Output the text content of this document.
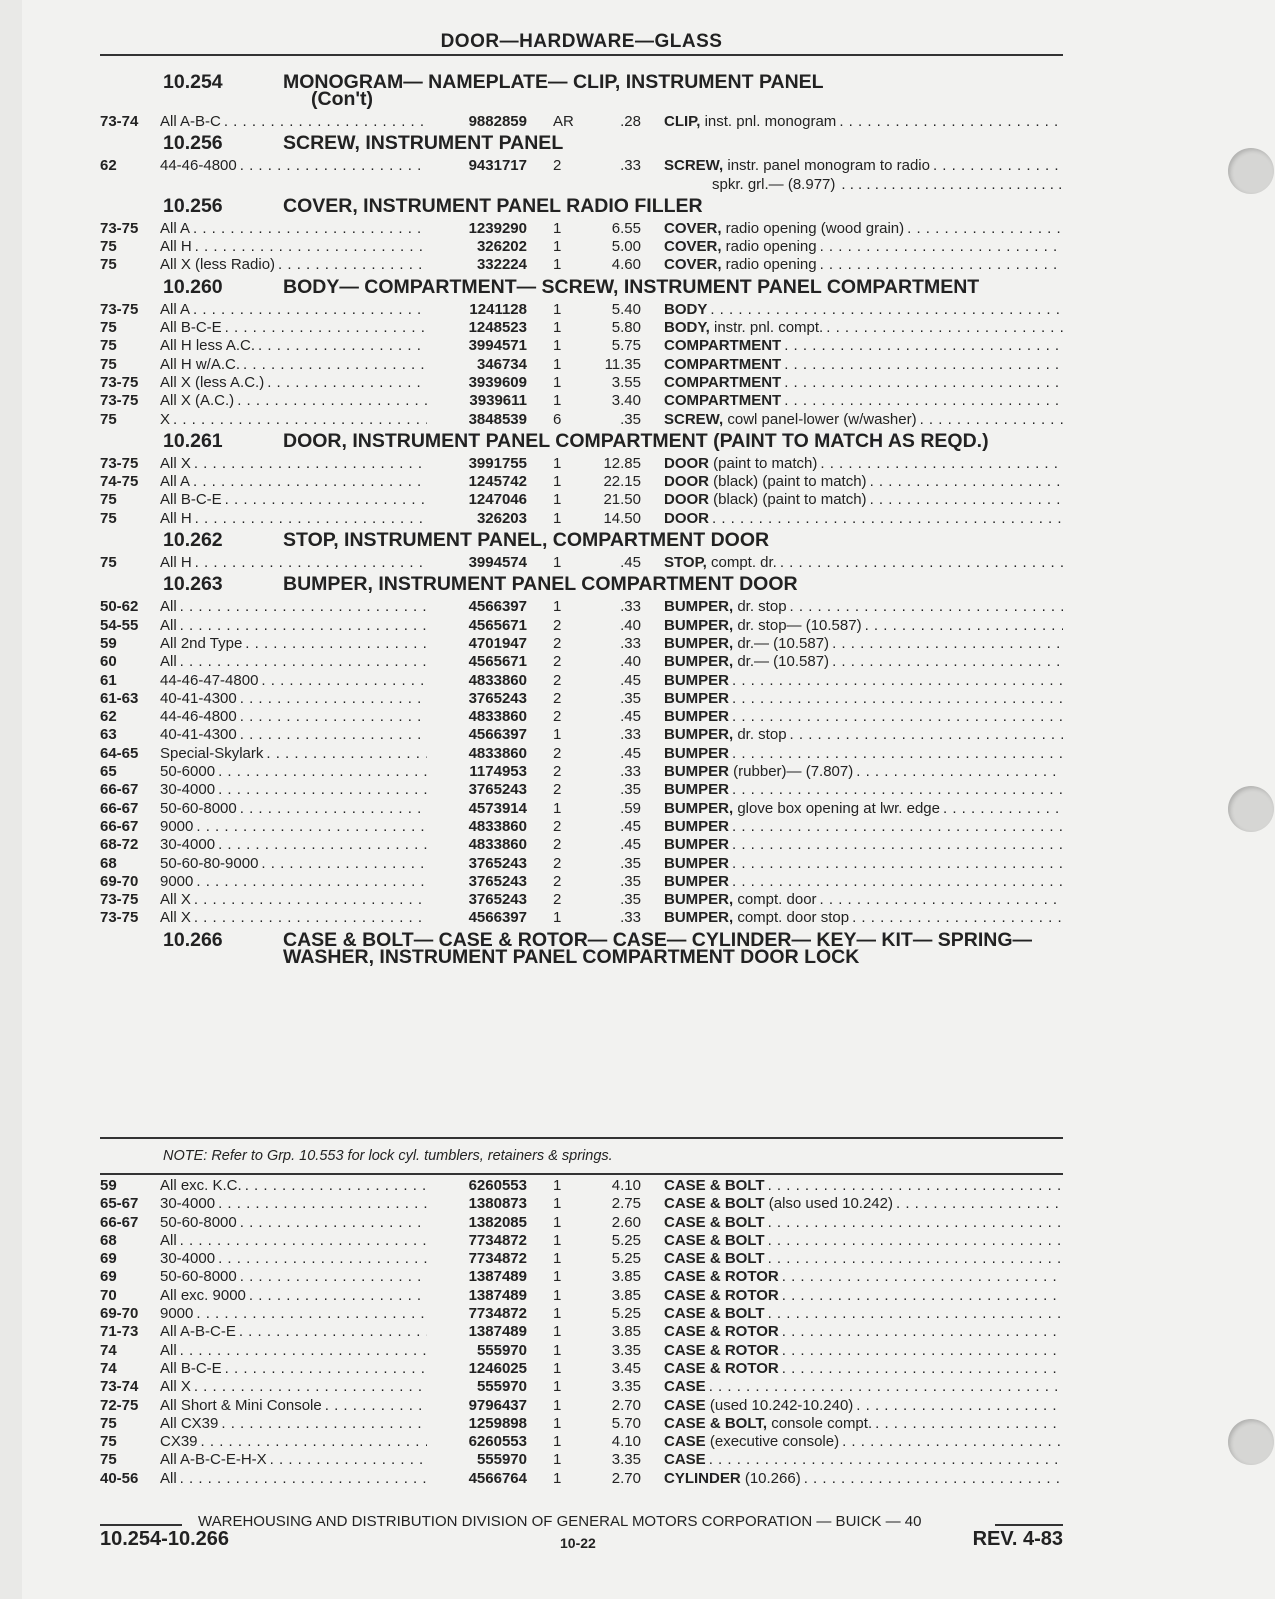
DOOR—HARDWARE—GLASS
10.254	MONOGRAM— NAMEPLATE— CLIP, INSTRUMENT PANEL
(Con't)
73-74	All A-B-C . . .	9882859	AR	.28 CLIP, inst. pnl. monogram
. . .
10.256	SCREW, INSTRUMENT PANEL
62	44-46-4800 . . .	9431717	2	.33 SCREW, instr. panel monogram to radio
. . .
spkr. grl.— (8.977)
. . .
10.256	COVER, INSTRUMENT PANEL RADIO FILLER
73-75	All A . . .	1239290	1	6.55 COVER, radio opening (wood grain)
. . .
75	All H . . .	326202	1	5.00 COVER, radio opening
. . .
75	All X (less Radio) . . .	332224	1	4.60 COVER, radio opening
. . .
10.260	BODY— COMPARTMENT— SCREW, INSTRUMENT PANEL COMPARTMENT
73-75	All A . . .	1241128	1	5.40 BODY
. . .
75	All B-C-E . . .	1248523	1	5.80 BODY, instr. pnl. compt.
. . .
75	All H less A.C. . . .	3994571	1	5.75 COMPARTMENT
. . .
75	All H w/A.C. . . .	346734	1	11.35 COMPARTMENT
. . .
73-75	All X (less A.C.) . . .	3939609	1	3.55 COMPARTMENT
. . .
73-75	All X (A.C.) . . .	3939611	1	3.40 COMPARTMENT
. . .
75	X . . .	3848539	6	.35 SCREW, cowl panel-lower (w/washer)
. . .
10.261	DOOR, INSTRUMENT PANEL COMPARTMENT (PAINT TO MATCH AS REQD.)
73-75	All X . . .	3991755	1	12.85 DOOR (paint to match)
. . .
74-75	All A . . .	1245742	1	22.15 DOOR (black) (paint to match)
. . .
75	All B-C-E . . .	1247046	1	21.50 DOOR (black) (paint to match)
. . .
75	All H . . .	326203	1	14.50 DOOR
. . .
10.262	STOP, INSTRUMENT PANEL, COMPARTMENT DOOR
75	All H . . .	3994574	1	.45 STOP, compt. dr.
. . .
10.263	BUMPER, INSTRUMENT PANEL COMPARTMENT DOOR
50-62	All . . .	4566397	1	.33 BUMPER, dr. stop
. . .
54-55	All . . .	4565671	2	.40 BUMPER, dr. stop— (10.587)
. . .
59	All 2nd Type . . .	4701947	2	.33 BUMPER, dr.— (10.587)
. . .
60	All . . .	4565671	2	.40 BUMPER, dr.— (10.587)
. . .
61	44-46-47-4800 . . .	4833860	2	.45 BUMPER
. . .
61-63	40-41-4300 . . .	3765243	2	.35 BUMPER
. . .
62	44-46-4800 . . .	4833860	2	.45 BUMPER
. . .
63	40-41-4300 . . .	4566397	1	.33 BUMPER, dr. stop
. . .
64-65	Special-Skylark . . .	4833860	2	.45 BUMPER
. . .
65	50-6000 . . .	1174953	2	.33 BUMPER (rubber)— (7.807)
. . .
66-67	30-4000 . . .	3765243	2	.35 BUMPER
. . .
66-67	50-60-8000 . . .	4573914	1	.59 BUMPER, glove box opening at lwr. edge
. . .
66-67	9000 . . .	4833860	2	.45 BUMPER
. . .
68-72	30-4000 . . .	4833860	2	.45 BUMPER
. . .
68	50-60-80-9000 . . .	3765243	2	.35 BUMPER
. . .
69-70	9000 . . .	3765243	2	.35 BUMPER
. . .
73-75	All X . . .	3765243	2	.35 BUMPER, compt. door
. . .
73-75	All X . . .	4566397	1	.33 BUMPER, compt. door stop
. . .
10.266	CASE & BOLT— CASE & ROTOR— CASE— CYLINDER— KEY— KIT— SPRING— WASHER, INSTRUMENT PANEL COMPARTMENT DOOR LOCK
NOTE: Refer to Grp. 10.553 for lock cyl. tumblers, retainers & springs.
59	All exc. K.C. . . .	6260553	1	4.10 CASE & BOLT
. . .
65-67	30-4000 . . .	1380873	1	2.75 CASE & BOLT (also used 10.242)
. . .
66-67	50-60-8000 . . .	1382085	1	2.60 CASE & BOLT
. . .
68	All . . .	7734872	1	5.25 CASE & BOLT
. . .
69	30-4000 . . .	7734872	1	5.25 CASE & BOLT
. . .
69	50-60-8000 . . .	1387489	1	3.85 CASE & ROTOR
. . .
70	All exc. 9000 . . .	1387489	1	3.85 CASE & ROTOR
. . .
69-70	9000 . . .	7734872	1	5.25 CASE & BOLT
. . .
71-73	All A-B-C-E . . .	1387489	1	3.85 CASE & ROTOR
. . .
74	All . . .	555970	1	3.35 CASE & ROTOR
. . .
74	All B-C-E . . .	1246025	1	3.45 CASE & ROTOR
. . .
73-74	All X . . .	555970	1	3.35 CASE
. . .
72-75	All Short & Mini Console . . .	9796437	1	2.70 CASE (used 10.242-10.240)
. . .
75	All CX39 . . .	1259898	1	5.70 CASE & BOLT, console compt.
. . .
75	CX39 . . .	6260553	1	4.10 CASE (executive console)
. . .
75	All A-B-C-E-H-X . . .	555970	1	3.35 CASE
. . .
40-56	All . . .	4566764	1	2.70 CYLINDER (10.266)
. . .
WAREHOUSING AND DISTRIBUTION DIVISION OF GENERAL MOTORS CORPORATION — BUICK — 40
10.254-10.266	10-22	REV. 4-83
